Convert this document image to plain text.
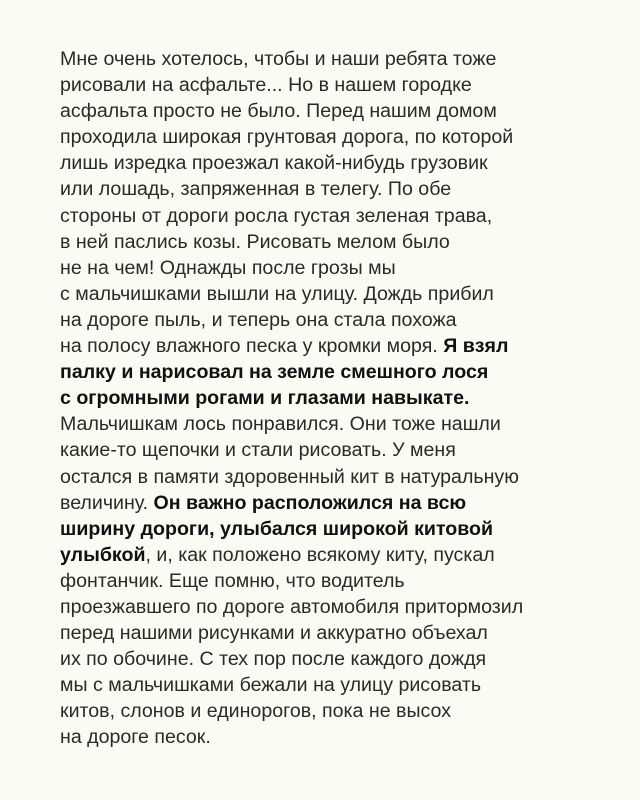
Мне очень хотелось, чтобы и наши ребята тоже
рисовали на асфальте... Но в нашем городке
асфальта просто не было. Перед нашим домом
проходила широкая грунтовая дорога, по которой
лишь изредка проезжал какой-нибудь грузовик
или лошадь, запряженная в телегу. По обе
стороны от дороги росла густая зеленая трава,
в ней паслись козы. Рисовать мелом было
не на чем! Однажды после грозы мы
с мальчишками вышли на улицу. Дождь прибил
на дороге пыль, и теперь она стала похожа
на полосу влажного песка у кромки моря. Я взял
палку и нарисовал на земле смешного лося
с огромными рогами и глазами навыкате.
Мальчишкам лось понравился. Они тоже нашли
какие-то щепочки и стали рисовать. У меня
остался в памяти здоровенный кит в натуральную
величину. Он важно расположился на всю
ширину дороги, улыбался широкой китовой
улыбкой, и, как положено всякому киту, пускал
фонтанчик. Еще помню, что водитель
проезжавшего по дороге автомобиля притормозил
перед нашими рисунками и аккуратно объехал
их по обочине. С тех пор после каждого дождя
мы с мальчишками бежали на улицу рисовать
китов, слонов и единорогов, пока не высох
на дороге песок.
